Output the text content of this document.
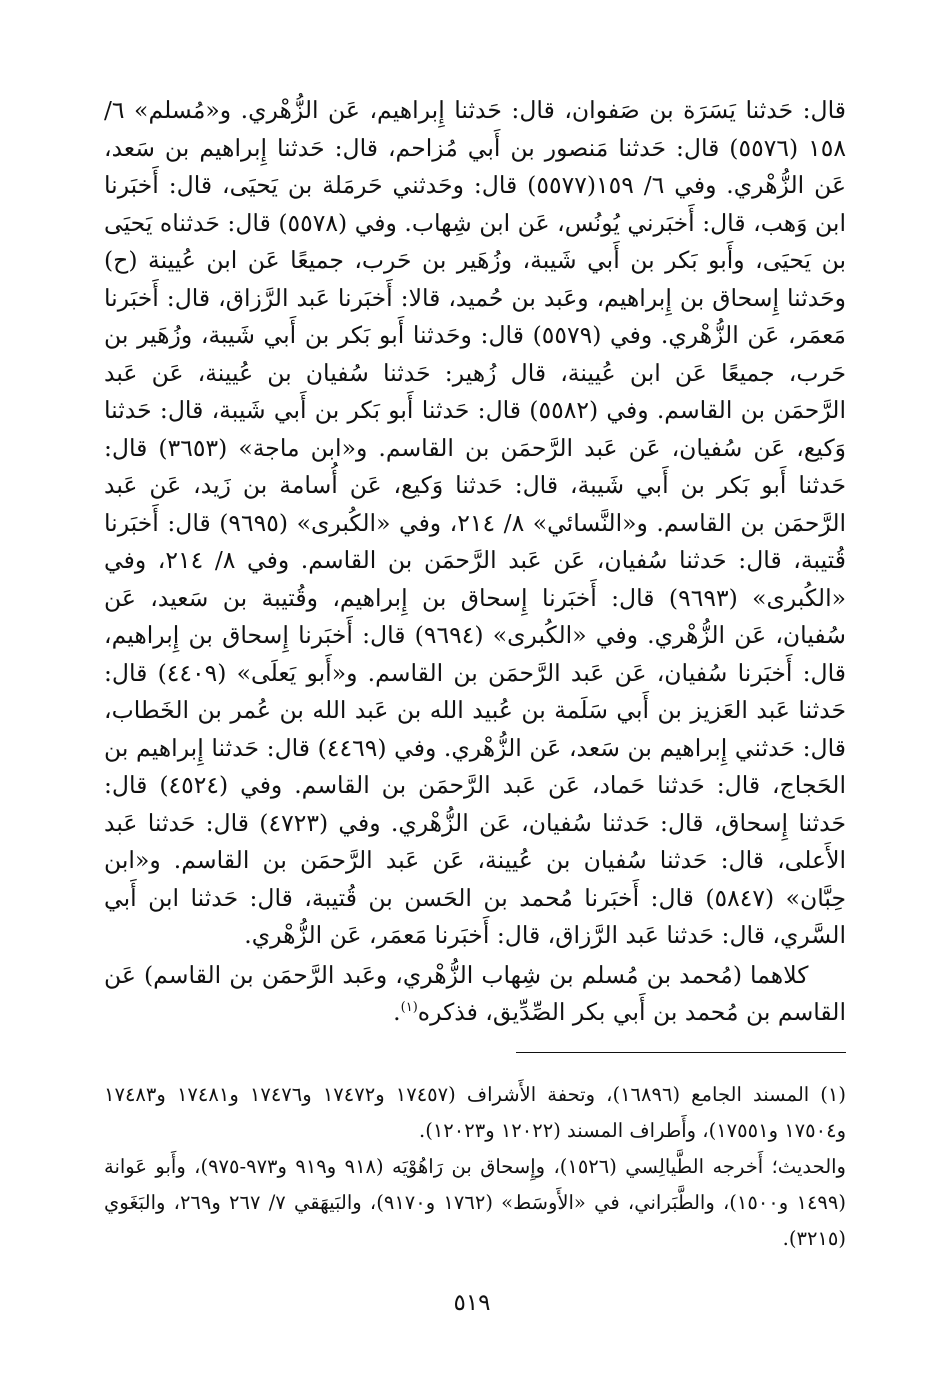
قال: حَدثنا يَسَرَة بن صَفوان، قال: حَدثنا إِبراهيم، عَن الزُّهْري. و«مُسلم» ٦/ ١٥٨ (٥٥٧٦) قال: حَدثنا مَنصور بن أَبي مُزاحم، قال: حَدثنا إِبراهيم بن سَعد، عَن الزُّهْري. وفي ٦/ ١٥٩(٥٥٧٧) قال: وحَدثني حَرمَلة بن يَحيَى، قال: أَخبَرنا ابن وَهب، قال: أَخبَرني يُونُس، عَن ابن شِهاب. وفي (٥٥٧٨) قال: حَدثناه يَحيَى بن يَحيَى، وأَبو بَكر بن أَبي شَيبة، وزُهَير بن حَرب، جميعًا عَن ابن عُيينة (ح) وحَدثنا إِسحاق بن إِبراهيم، وعَبد بن حُميد، قالا: أَخبَرنا عَبد الرَّزاق، قال: أَخبَرنا مَعمَر، عَن الزُّهْري. وفي (٥٥٧٩) قال: وحَدثنا أَبو بَكر بن أَبي شَيبة، وزُهَير بن حَرب، جميعًا عَن ابن عُيينة، قال زُهير: حَدثنا سُفيان بن عُيينة، عَن عَبد الرَّحمَن بن القاسم. وفي (٥٥٨٢) قال: حَدثنا أَبو بَكر بن أَبي شَيبة، قال: حَدثنا وَكيع، عَن سُفيان، عَن عَبد الرَّحمَن بن القاسم. و«ابن ماجة» (٣٦٥٣) قال: حَدثنا أَبو بَكر بن أَبي شَيبة، قال: حَدثنا وَكيع، عَن أُسامة بن زَيد، عَن عَبد الرَّحمَن بن القاسم. و«النَّسائي» ٨/ ٢١٤، وفي «الكُبرى» (٩٦٩٥) قال: أَخبَرنا قُتيبة، قال: حَدثنا سُفيان، عَن عَبد الرَّحمَن بن القاسم. وفي ٨/ ٢١٤، وفي «الكُبرى» (٩٦٩٣) قال: أَخبَرنا إِسحاق بن إِبراهيم، وقُتيبة بن سَعيد، عَن سُفيان، عَن الزُّهْري. وفي «الكُبرى» (٩٦٩٤) قال: أَخبَرنا إِسحاق بن إِبراهيم، قال: أَخبَرنا سُفيان، عَن عَبد الرَّحمَن بن القاسم. و«أَبو يَعلَى» (٤٤٠٩) قال: حَدثنا عَبد العَزيز بن أَبي سَلَمة بن عُبيد الله بن عَبد الله بن عُمر بن الخَطاب، قال: حَدثني إِبراهيم بن سَعد، عَن الزُّهْري. وفي (٤٤٦٩) قال: حَدثنا إِبراهيم بن الحَجاج، قال: حَدثنا حَماد، عَن عَبد الرَّحمَن بن القاسم. وفي (٤٥٢٤) قال: حَدثنا إِسحاق، قال: حَدثنا سُفيان، عَن الزُّهْري. وفي (٤٧٢٣) قال: حَدثنا عَبد الأَعلى، قال: حَدثنا سُفيان بن عُيينة، عَن عَبد الرَّحمَن بن القاسم. و«ابن حِبَّان» (٥٨٤٧) قال: أَخبَرنا مُحمد بن الحَسن بن قُتيبة، قال: حَدثنا ابن أَبي السَّري، قال: حَدثنا عَبد الرَّزاق، قال: أَخبَرنا مَعمَر، عَن الزُّهْري.

كلاهما (مُحمد بن مُسلم بن شِهاب الزُّهْري، وعَبد الرَّحمَن بن القاسم) عَن القاسم بن مُحمد بن أَبي بكر الصِّدِّيق، فذكره$^{(١)}$.

(١) المسند الجامع (١٦٨٩٦)، وتحفة الأَشراف (١٧٤٥٧ و١٧٤٧٢ و١٧٤٧٦ و١٧٤٨١ و١٧٤٨٣ و١٧٥٠٤ و١٧٥٥١)، وأَطراف المسند (١٢٠٢٢ و١٢٠٢٣).

والحديث؛ أَخرجه الطَّيالِسي (١٥٢٦)، وإِسحاق بن رَاهُوْيَه (٩١٨ و٩١٩ و٩٧٣-٩٧٥)، وأَبو عَوانة (١٤٩٩ و١٥٠٠)، والطَّبَراني، في «الأَوسَط» (١٧٦٢ و٩١٧٠)، والبَيهَقي ٧/ ٢٦٧ و٢٦٩، والبَغَوي (٣٢١٥).

٥١٩
